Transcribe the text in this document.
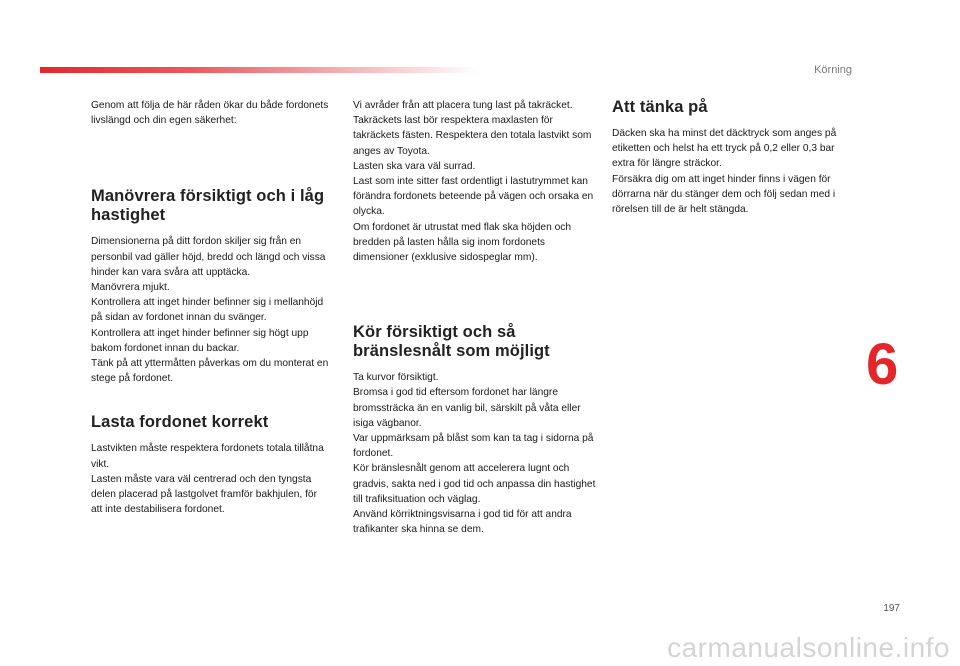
Körning

Genom att följa de här råden ökar du både fordonets livslängd och din egen säkerhet:

Manövrera försiktigt och i låg hastighet

Dimensionerna på ditt fordon skiljer sig från en personbil vad gäller höjd, bredd och längd och vissa hinder kan vara svåra att upptäcka.
Manövrera mjukt.
Kontrollera att inget hinder befinner sig i mellanhöjd på sidan av fordonet innan du svänger.
Kontrollera att inget hinder befinner sig högt upp bakom fordonet innan du backar.
Tänk på att yttermåtten påverkas om du monterat en stege på fordonet.

Lasta fordonet korrekt

Lastvikten måste respektera fordonets totala tillåtna vikt.
Lasten måste vara väl centrerad och den tyngsta delen placerad på lastgolvet framför bakhjulen, för att inte destabilisera fordonet.

Vi avråder från att placera tung last på takräcket.
Takräckets last bör respektera maxlasten för takräckets fästen. Respektera den totala lastvikt som anges av Toyota.
Lasten ska vara väl surrad.
Last som inte sitter fast ordentligt i lastutrymmet kan förändra fordonets beteende på vägen och orsaka en olycka.
Om fordonet är utrustat med flak ska höjden och bredden på lasten hålla sig inom fordonets dimensioner (exklusive sidospeglar mm).

Kör försiktigt och så bränslesnålt som möjligt

Ta kurvor försiktigt.
Bromsa i god tid eftersom fordonet har längre bromssträcka än en vanlig bil, särskilt på våta eller isiga vägbanor.
Var uppmärksam på blåst som kan ta tag i sidorna på fordonet.
Kör bränslesnålt genom att accelerera lugnt och gradvis, sakta ned i god tid och anpassa din hastighet till trafiksituation och väglag.
Använd körriktningsvisarna i god tid för att andra trafikanter ska hinna se dem.

Att tänka på

Däcken ska ha minst det däcktryck som anges på etiketten och helst ha ett tryck på 0,2 eller 0,3 bar extra för längre sträckor.
Försäkra dig om att inget hinder finns i vägen för dörrarna när du stänger dem och följ sedan med i rörelsen till de är helt stängda.

6
197
carmanualsonline.info
